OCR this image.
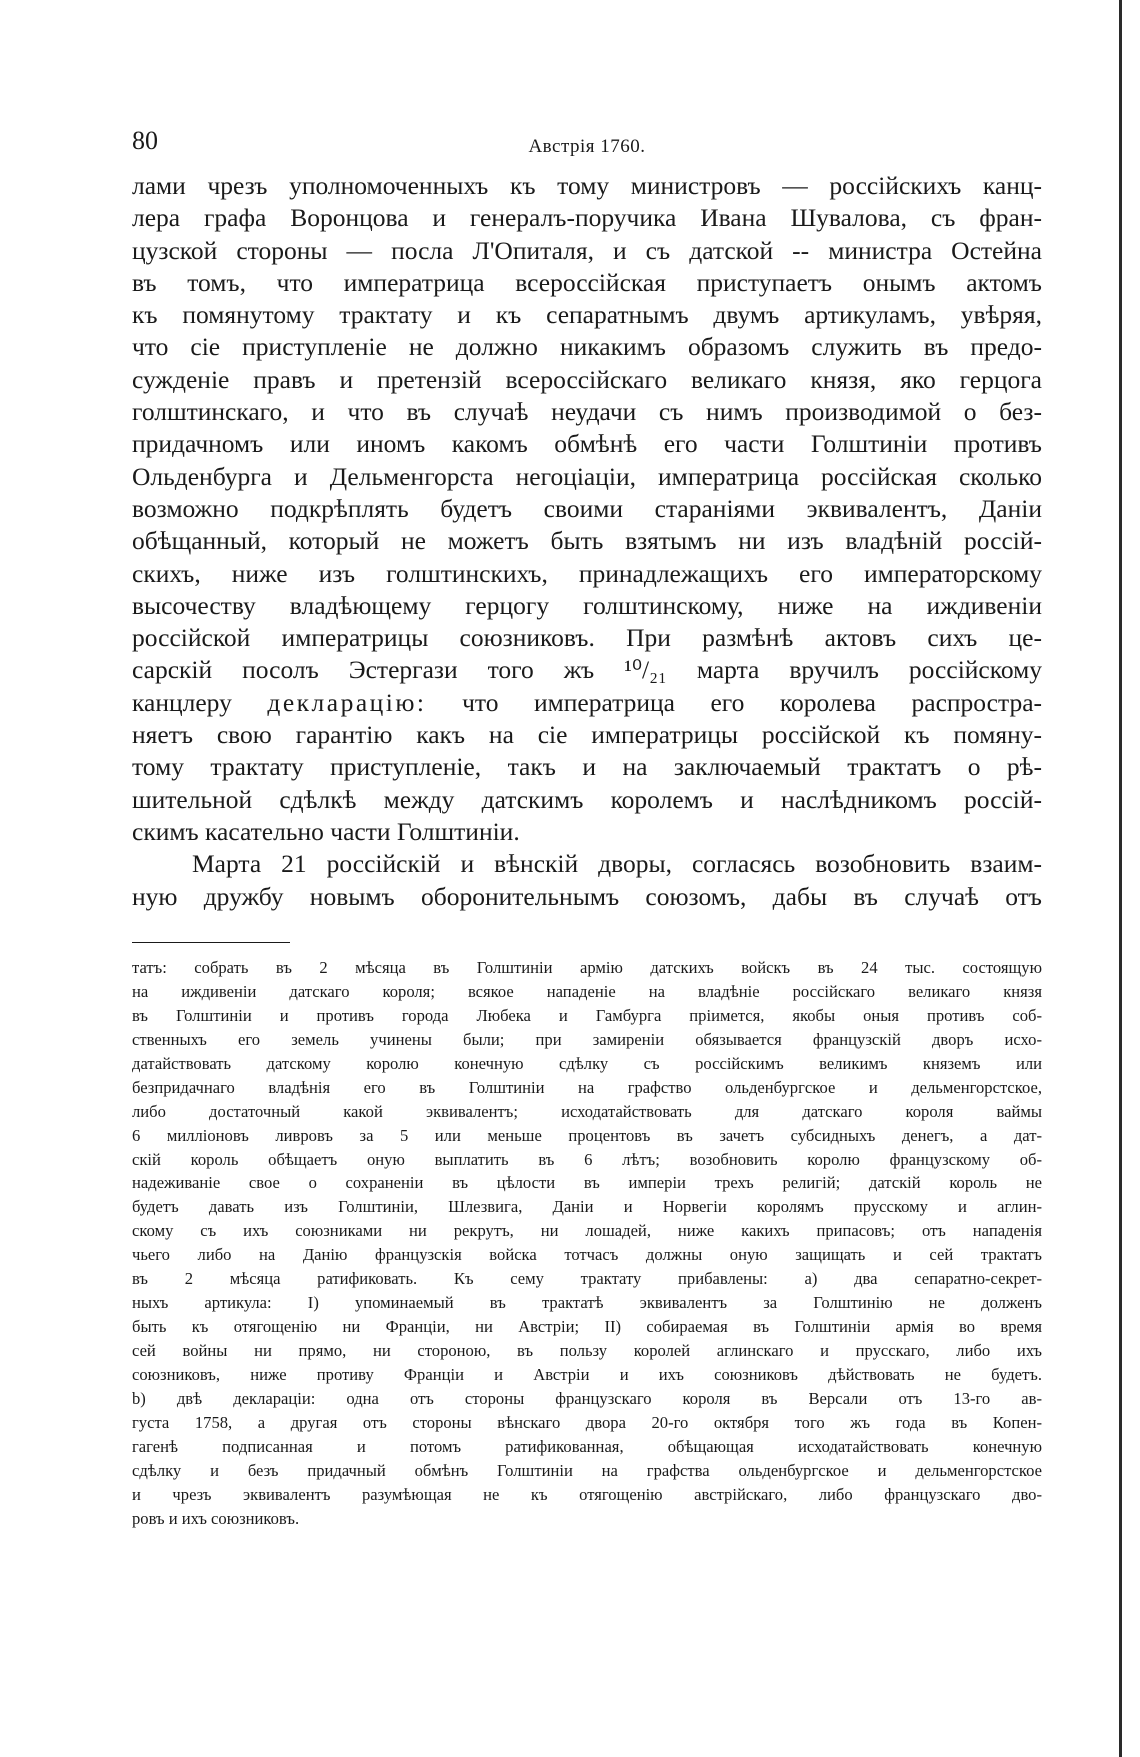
80	Австрія 1760.
лами чрезъ уполномоченныхъ къ тому министровъ — россійскихъ канц-
лера графа Воронцова и генералъ-поручика Ивана Шувалова, съ фран-
цузской стороны — посла Л'Опиталя, и съ датской -- министра Остейна
въ томъ, что императрица всероссійская приступаетъ онымъ актомъ
къ помянутому трактату и къ сепаратнымъ двумъ артикуламъ, увѣряя,
что сіе приступленіе не должно никакимъ образомъ служить въ предо-
сужденіе правъ и претензій всероссійскаго великаго князя, яко герцога
голштинскаго, и что въ случаѣ неудачи съ нимъ производимой о без-
придачномъ или иномъ какомъ обмѣнѣ его части Голштиніи противъ
Ольденбурга и Дельменгорста негоціаціи, императрица россійская сколько
возможно подкрѣплять будетъ своими стараніями эквивалентъ, Даніи
обѣщанный, который не можетъ быть взятымъ ни изъ владѣній россій-
скихъ, ниже изъ голштинскихъ, принадлежащихъ его императорскому
высочеству владѣющему герцогу голштинскому, ниже на иждивеніи
россійской императрицы союзниковъ. При размѣнѣ актовъ сихъ це-
сарскій посолъ Эстергази того жъ ¹⁰/₂₁ марта вручилъ россійскому
канцлеру декларацію: что императрица его королева распростра-
няетъ свою гарантію какъ на сіе императрицы россійской къ помяну-
тому трактату приступленіе, такъ и на заключаемый трактатъ о рѣ-
шительной сдѣлкѣ между датскимъ королемъ и наслѣдникомъ россій-
скимъ касательно части Голштиніи.
Марта 21 россійскій и вѣнскій дворы, согласясь возобновить взаим-
ную дружбу новымъ оборонительнымъ союзомъ, дабы въ случаѣ отъ
татъ: собрать въ 2 мѣсяца въ Голштиніи армію датскихъ войскъ въ 24 тыс. состоящую
на иждивеніи датскаго короля; всякое нападеніе на владѣніе россійскаго великаго князя
въ Голштиніи и противъ города Любека и Гамбурга пріимется, якобы оныя противъ соб-
ственныхъ его земель учинены были; при замиреніи обязывается французскій дворъ исхо-
датайствовать датскому королю конечную сдѣлку съ россійскимъ великимъ княземъ или
безпридачнаго владѣнія его въ Голштиніи на графство ольденбургское и дельменгорстское,
либо достаточный какой эквивалентъ; исходатайствовать для датскаго короля ваймы
6 милліоновъ ливровъ за 5 или меньше процентовъ въ зачетъ субсидныхъ денегъ, а дат-
скій король обѣщаетъ оную выплатить въ 6 лѣтъ; возобновить королю французскому об-
надеживаніе свое о сохраненіи въ цѣлости въ имперіи трехъ религій; датскій король не
будетъ давать изъ Голштиніи, Шлезвига, Даніи и Норвегіи королямъ прусскому и аглин-
скому съ ихъ союзниками ни рекрутъ, ни лошадей, ниже какихъ припасовъ; отъ нападенія
чьего либо на Данію французскія войска тотчасъ должны оную защищать и сей трактатъ
въ 2 мѣсяца ратификовать. Къ сему трактату прибавлены: а) два сепаратно-секрет-
ныхъ артикула: I) упоминаемый въ трактатѣ эквивалентъ за Голштинію не долженъ
быть къ отягощенію ни Франціи, ни Австріи; II) собираемая въ Голштиніи армія во время
сей войны ни прямо, ни стороною, въ пользу королей аглинскаго и прусскаго, либо ихъ
союзниковъ, ниже противу Франціи и Австріи и ихъ союзниковъ дѣйствовать не будетъ.
b) двѣ деклараціи: одна отъ стороны французскаго короля въ Версали отъ 13-го ав-
густа 1758, а другая отъ стороны вѣнскаго двора 20-го октября того жъ года въ Копен-
гагенѣ подписанная и потомъ ратификованная, обѣщающая исходатайствовать конечную
сдѣлку и безъ придачный обмѣнъ Голштиніи на графства ольденбургское и дельменгорстское
и чрезъ эквивалентъ разумѣющая не къ отягощенію австрійскаго, либо французскаго дво-
ровъ и ихъ союзниковъ.
